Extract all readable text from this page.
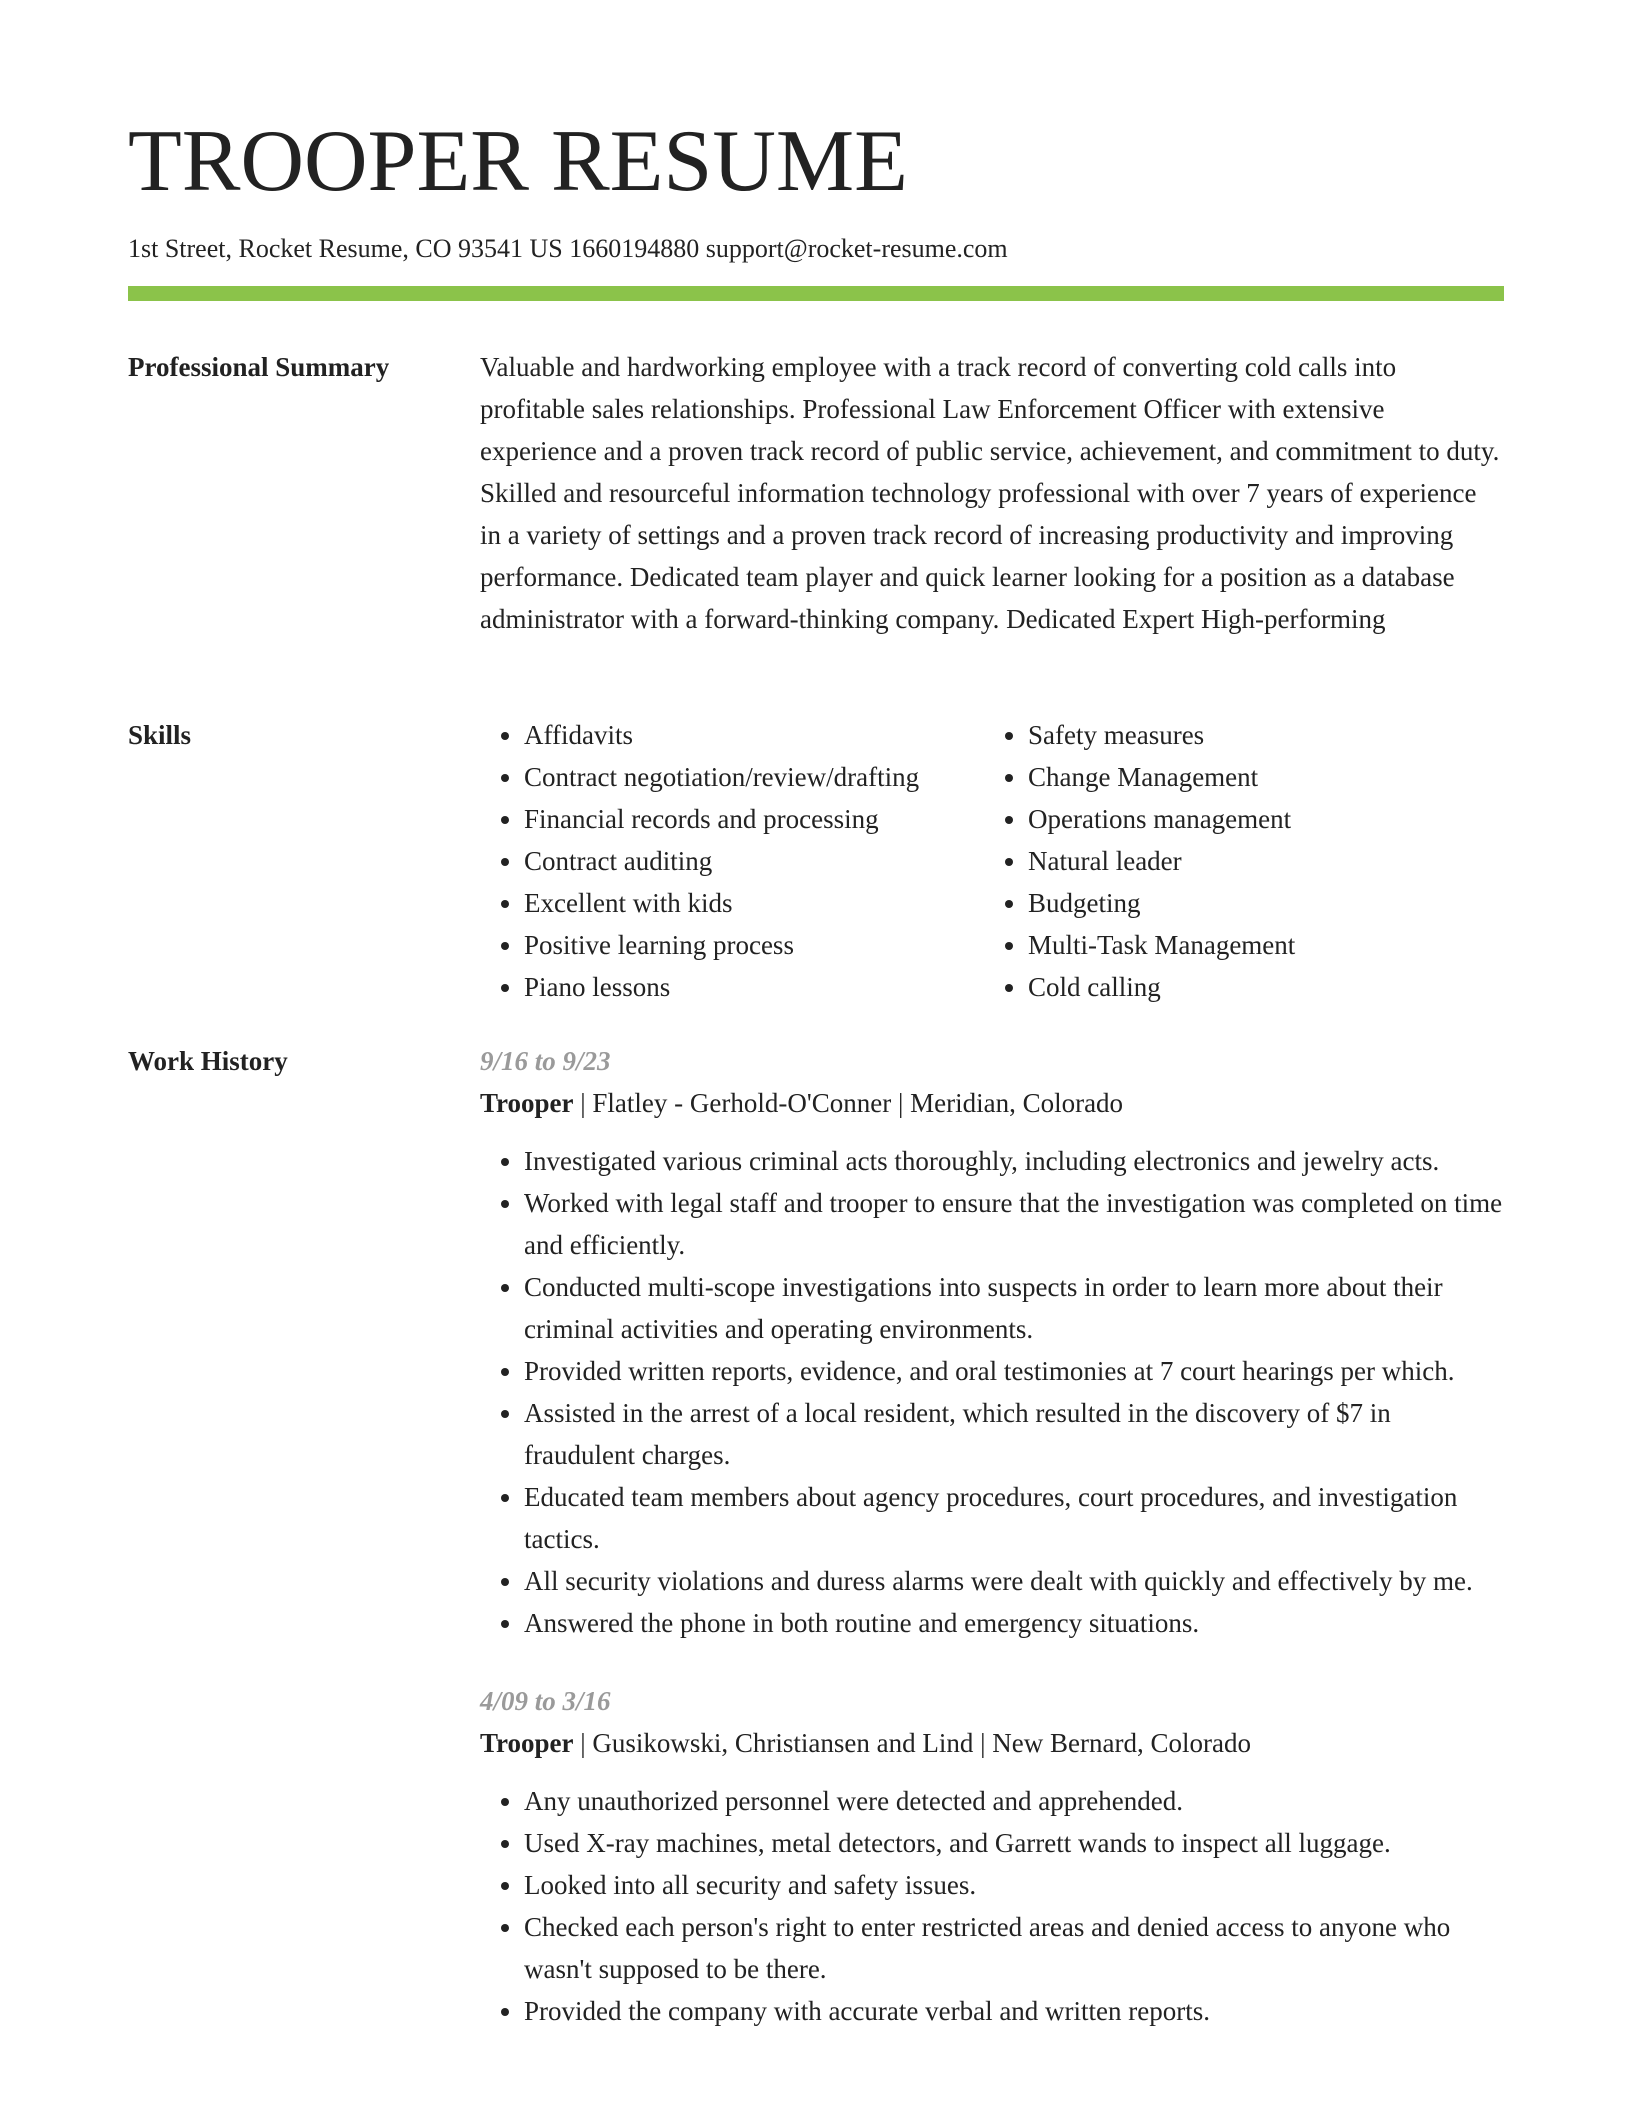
TROOPER RESUME
1st Street, Rocket Resume, CO 93541 US 1660194880 support@rocket-resume.com
Professional Summary	Valuable and hardworking employee with a track record of converting cold calls into profitable sales relationships. Professional Law Enforcement Officer with extensive experience and a proven track record of public service, achievement, and commitment to duty. Skilled and resourceful information technology professional with over 7 years of experience in a variety of settings and a proven track record of increasing productivity and improving performance. Dedicated team player and quick learner looking for a position as a database administrator with a forward-thinking company. Dedicated Expert High-performing

Skills
•	Affidavits
• Contract negotiation/review/drafting
• Financial records and processing
• Contract auditing
• Excellent with kids
• Positive learning process
• Piano lessons
• Safety measures
• Change Management
• Operations management
• Natural leader
• Budgeting
• Multi-Task Management
• Cold calling
Work History	9/16 to 9/23
Trooper | Flatley - Gerhold-O'Conner | Meridian, Colorado
• Investigated various criminal acts thoroughly, including electronics and jewelry acts.
• Worked with legal staff and trooper to ensure that the investigation was completed on time and efficiently.
• Conducted multi-scope investigations into suspects in order to learn more about their criminal activities and operating environments.
• Provided written reports, evidence, and oral testimonies at 7 court hearings per which.
• Assisted in the arrest of a local resident, which resulted in the discovery of $7 in fraudulent charges.
• Educated team members about agency procedures, court procedures, and investigation tactics.
• All security violations and duress alarms were dealt with quickly and effectively by me.
• Answered the phone in both routine and emergency situations.
4/09 to 3/16
Trooper | Gusikowski, Christiansen and Lind | New Bernard, Colorado
• Any unauthorized personnel were detected and apprehended.
• Used X-ray machines, metal detectors, and Garrett wands to inspect all luggage.
• Looked into all security and safety issues.
• Checked each person's right to enter restricted areas and denied access to anyone who wasn't supposed to be there.
• Provided the company with accurate verbal and written reports.
